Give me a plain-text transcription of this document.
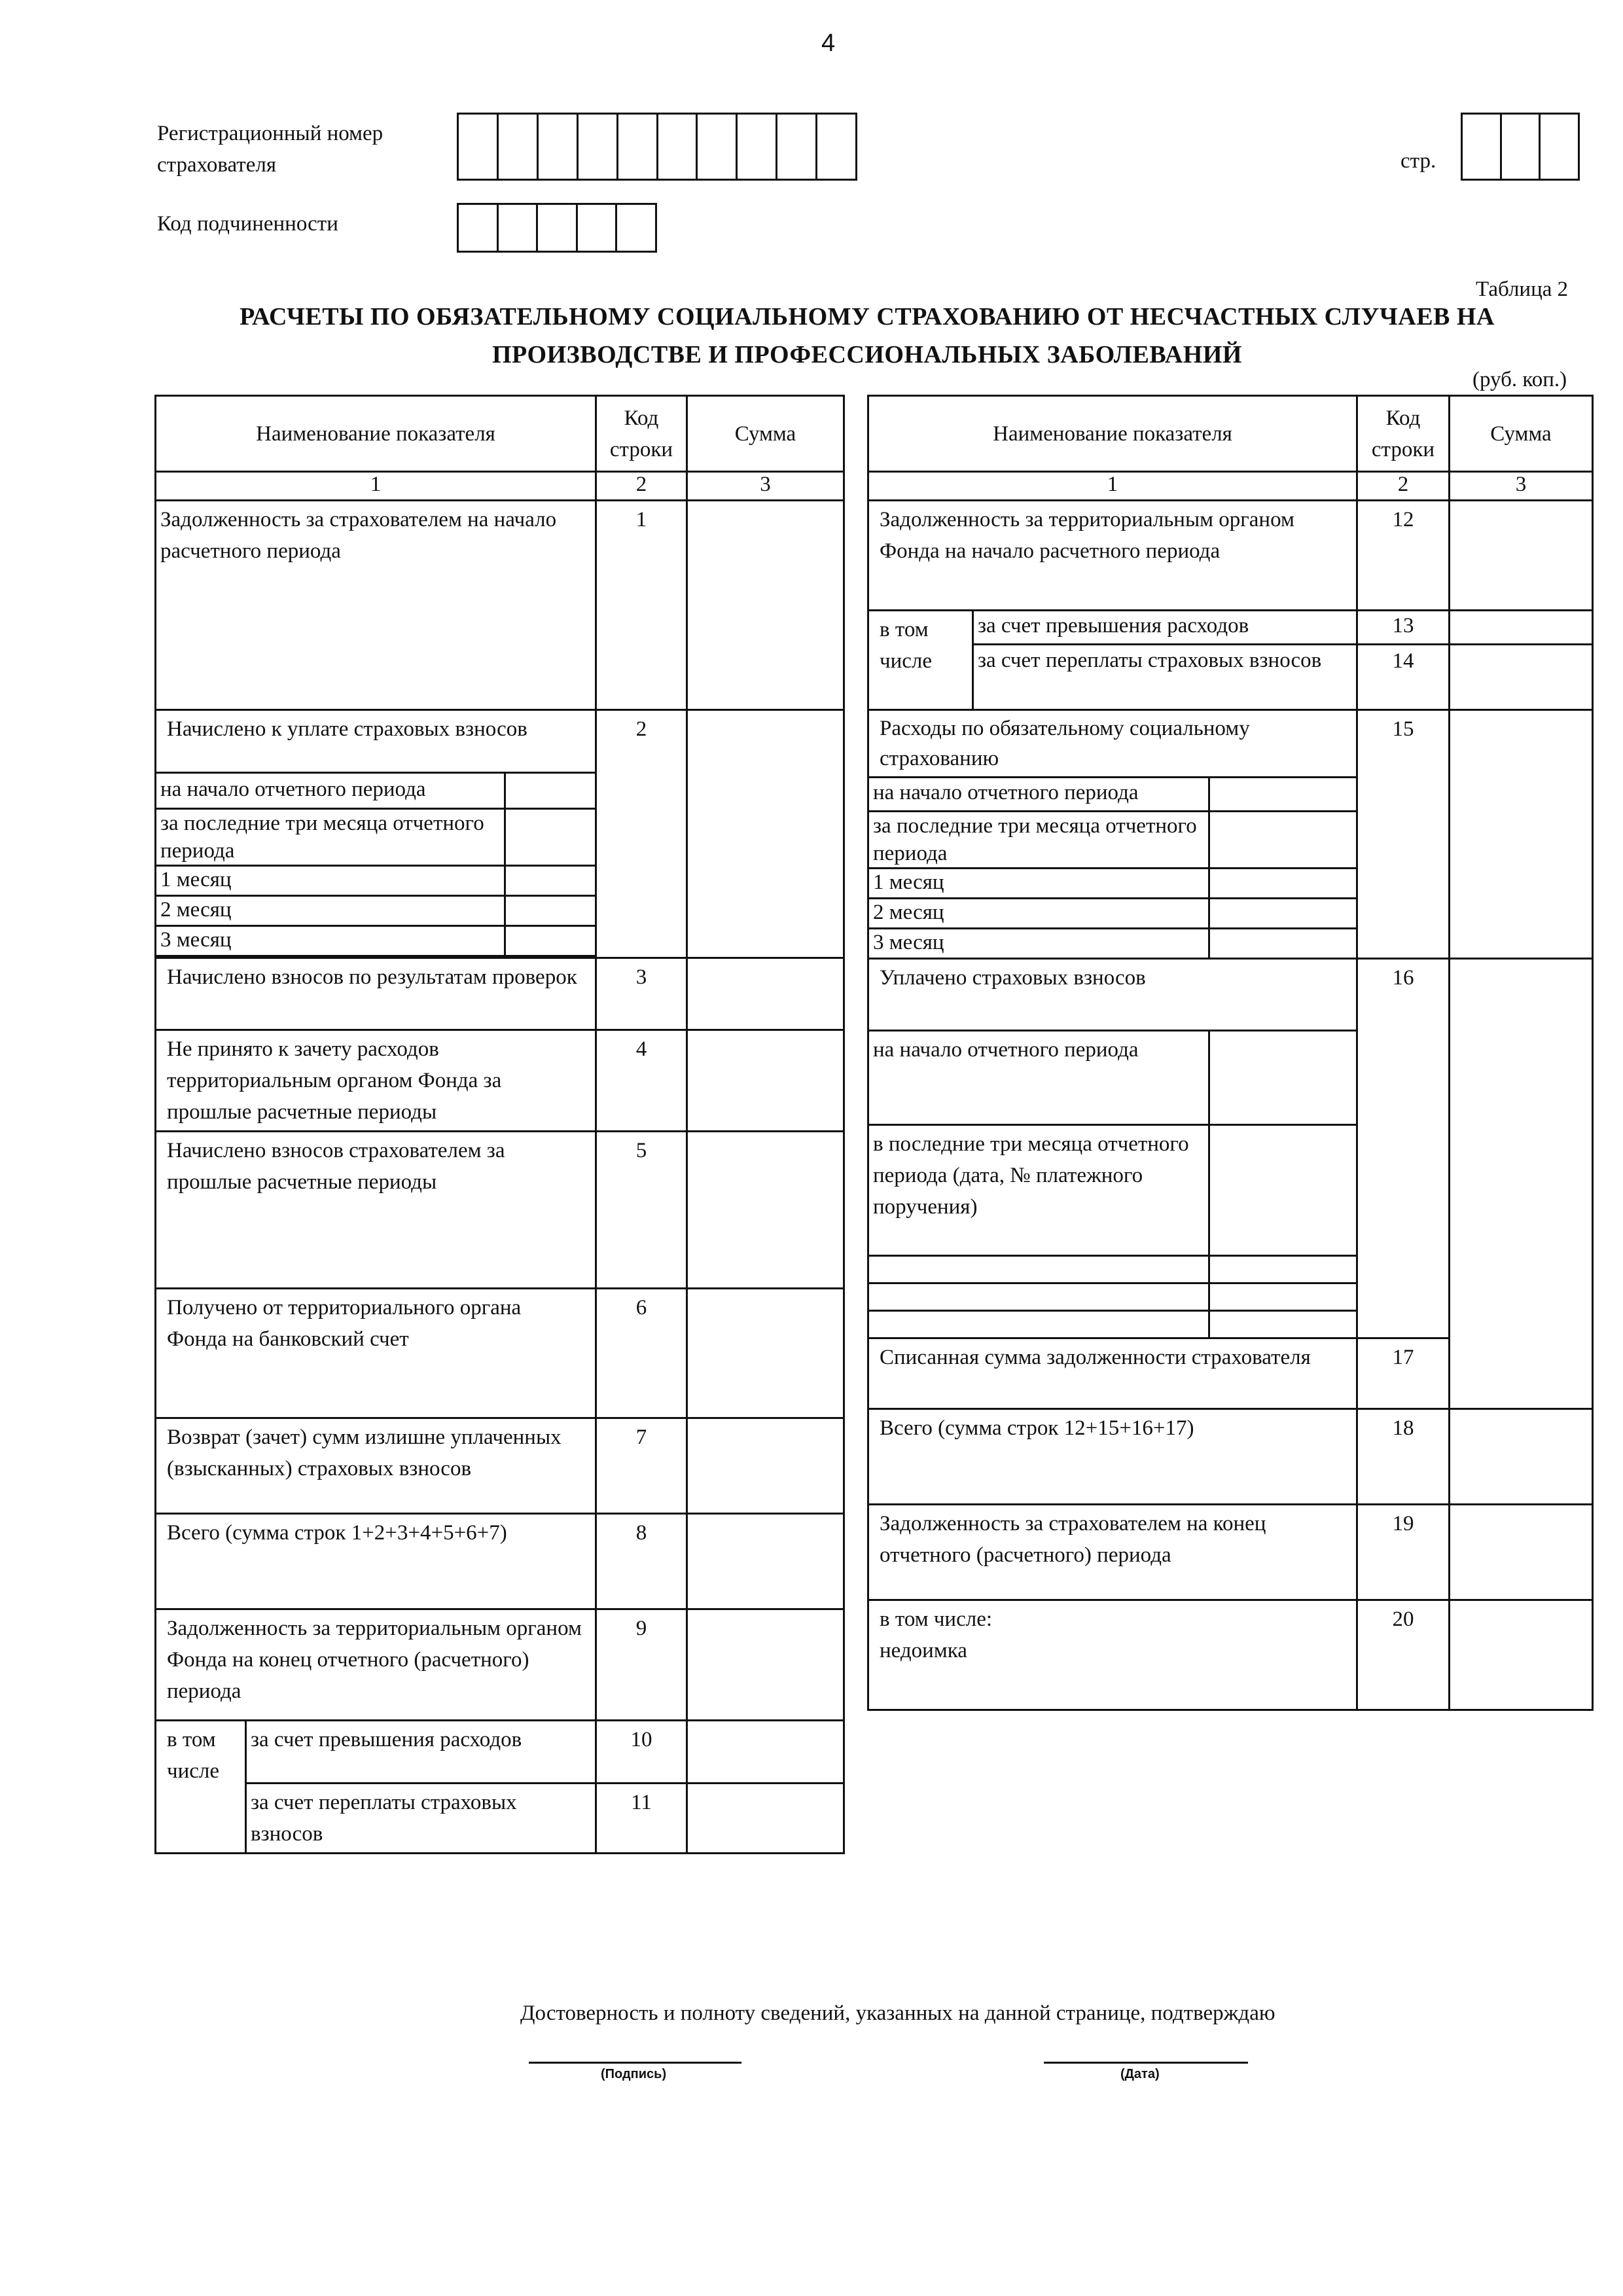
4
Регистрационный номер
страхователя
Код подчиненности
стр.
Таблица 2
РАСЧЕТЫ ПО ОБЯЗАТЕЛЬНОМУ СОЦИАЛЬНОМУ СТРАХОВАНИЮ ОТ НЕСЧАСТНЫХ СЛУЧАЕВ НА
ПРОИЗВОДСТВЕ И ПРОФЕССИОНАЛЬНЫХ ЗАБОЛЕВАНИЙ
(руб. коп.)
Наименование показателя			Код
строки	Сумма
1			2	3
Задолженность за страхователем на начало расчетного периода			1	
Начислено к уплате страховых взносов			2	
на начало отчетного периода				
за последние три месяца отчетного периода				
1 месяц				
2 месяц				
3 месяц				

Начислено взносов по результатам проверок			3	
Не принято к зачету расходов территориальным органом Фонда за прошлые расчетные периоды			4	
Начислено взносов страхователем за прошлые расчетные периоды			5	
Получено от территориального органа Фонда на банковский счет			6	
Возврат (зачет) сумм излишне уплаченных (взысканных) страховых взносов			7	
Всего (сумма строк 1+2+3+4+5+6+7)			8	
Задолженность за территориальным органом Фонда на конец отчетного (расчетного) периода			9	
в том числе	за счет превышения расходов		10	
	за счет переплаты страховых взносов		11	
Наименование показателя			Код
строки	Сумма
1			2	3
Задолженность за территориальным органом Фонда на начало расчетного периода			12	
в том числе	за счет превышения расходов		13	
	за счет переплаты страховых взносов		14	
Расходы по обязательному социальному страхованию			15	
на начало отчетного периода				
за последние три месяца отчетного периода				
1 месяц				
2 месяц				
3 месяц				
Уплачено страховых взносов			16	
на начало отчетного периода				
в последние три месяца отчетного периода (дата, № платежного поручения)				

Списанная сумма задолженности страхователя			17	
Всего (сумма строк 12+15+16+17)			18	
Задолженность за страхователем на конец отчетного (расчетного) периода			19	

в том числе: недоимка			20	
Достоверность и полноту сведений, указанных на данной странице, подтверждаю
(Подпись)	(Дата)
